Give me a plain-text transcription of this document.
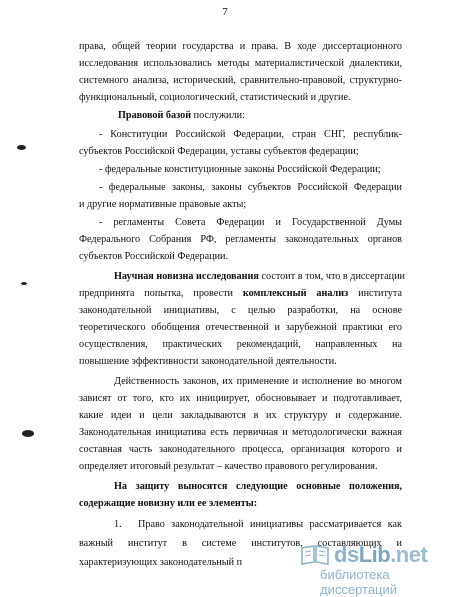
7
права, общей теории государства и права. В ходе диссертационного
исследования использовались методы материалистической диалектики,
системного анализа, исторический, сравнительно-правовой, структурно-
функциональный, социологический, статистический и другие.
Правовой базой послужили:
- Конституции Российской Федерации, стран СНГ, республик-
субъектов Российской Федерации, уставы субъектов федерации;
- федеральные конституционные законы Российской Федерации;
- федеральные законы, законы субъектов Российской Федерации
и другие нормативные правовые акты;
- регламенты Совета Федерации и Государственной Думы
Федерального Собрания РФ, регламенты законодательных органов
субъектов Российской Федерации.
Научная новизна исследования состоит в том, что в диссертации
предпринята попытка, провести комплексный анализ института
законодательной инициативы, с целью разработки, на основе
теоретического обобщения отечественной и зарубежной практики его
осуществления, практических рекомендаций, направленных на
повышение эффективности законодательной деятельности.
Действенность законов, их применение и исполнение во многом
зависят от того, кто их инициирует, обосновывает и подготавливает,
какие идеи и цели закладываются в их структуру и содержание.
Законодательная инициатива есть первичная и методологически важная
составная часть законодательного процесса, организация которого и
определяет итоговый результат – качество правового регулирования.
На защиту выносятся следующие основные положения,
содержащие новизну или ее элементы:
1.	Право законодательной инициативы рассматривается как
важный институт в системе институтов, составляющих и
характеризующих законодательный п	dsLib.net
библиотека диссертаций
